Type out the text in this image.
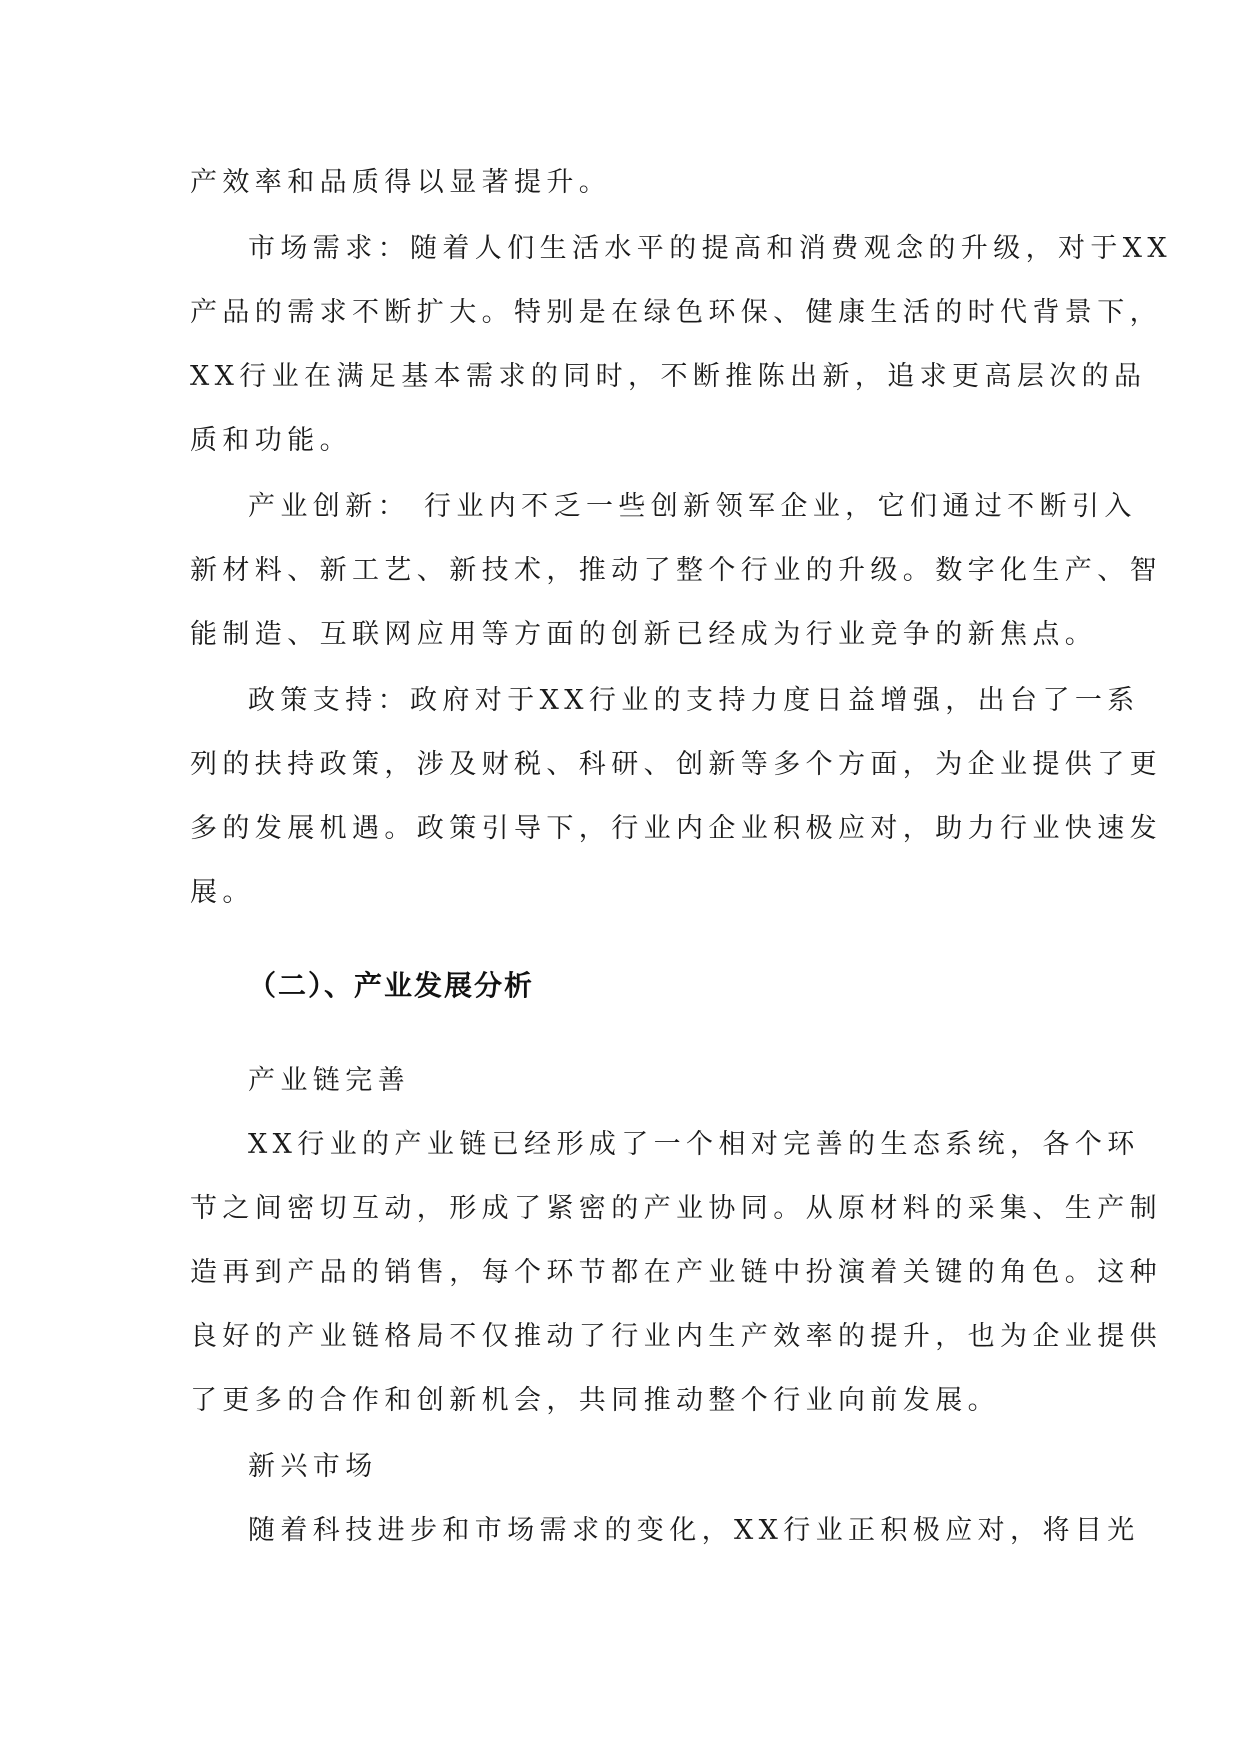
产效率和品质得以显著提升。
市场需求：随着人们生活水平的提高和消费观念的升级，对于XX
产品的需求不断扩大。特别是在绿色环保、健康生活的时代背景下，
XX行业在满足基本需求的同时，不断推陈出新，追求更高层次的品
质和功能。
产业创新： 行业内不乏一些创新领军企业，它们通过不断引入
新材料、新工艺、新技术，推动了整个行业的升级。数字化生产、智
能制造、互联网应用等方面的创新已经成为行业竞争的新焦点。
政策支持：政府对于XX行业的支持力度日益增强，出台了一系
列的扶持政策，涉及财税、科研、创新等多个方面，为企业提供了更
多的发展机遇。政策引导下，行业内企业积极应对，助力行业快速发
展。
（二）、产业发展分析
产业链完善
XX行业的产业链已经形成了一个相对完善的生态系统，各个环
节之间密切互动，形成了紧密的产业协同。从原材料的采集、生产制
造再到产品的销售，每个环节都在产业链中扮演着关键的角色。这种
良好的产业链格局不仅推动了行业内生产效率的提升，也为企业提供
了更多的合作和创新机会，共同推动整个行业向前发展。
新兴市场
随着科技进步和市场需求的变化，XX行业正积极应对，将目光
